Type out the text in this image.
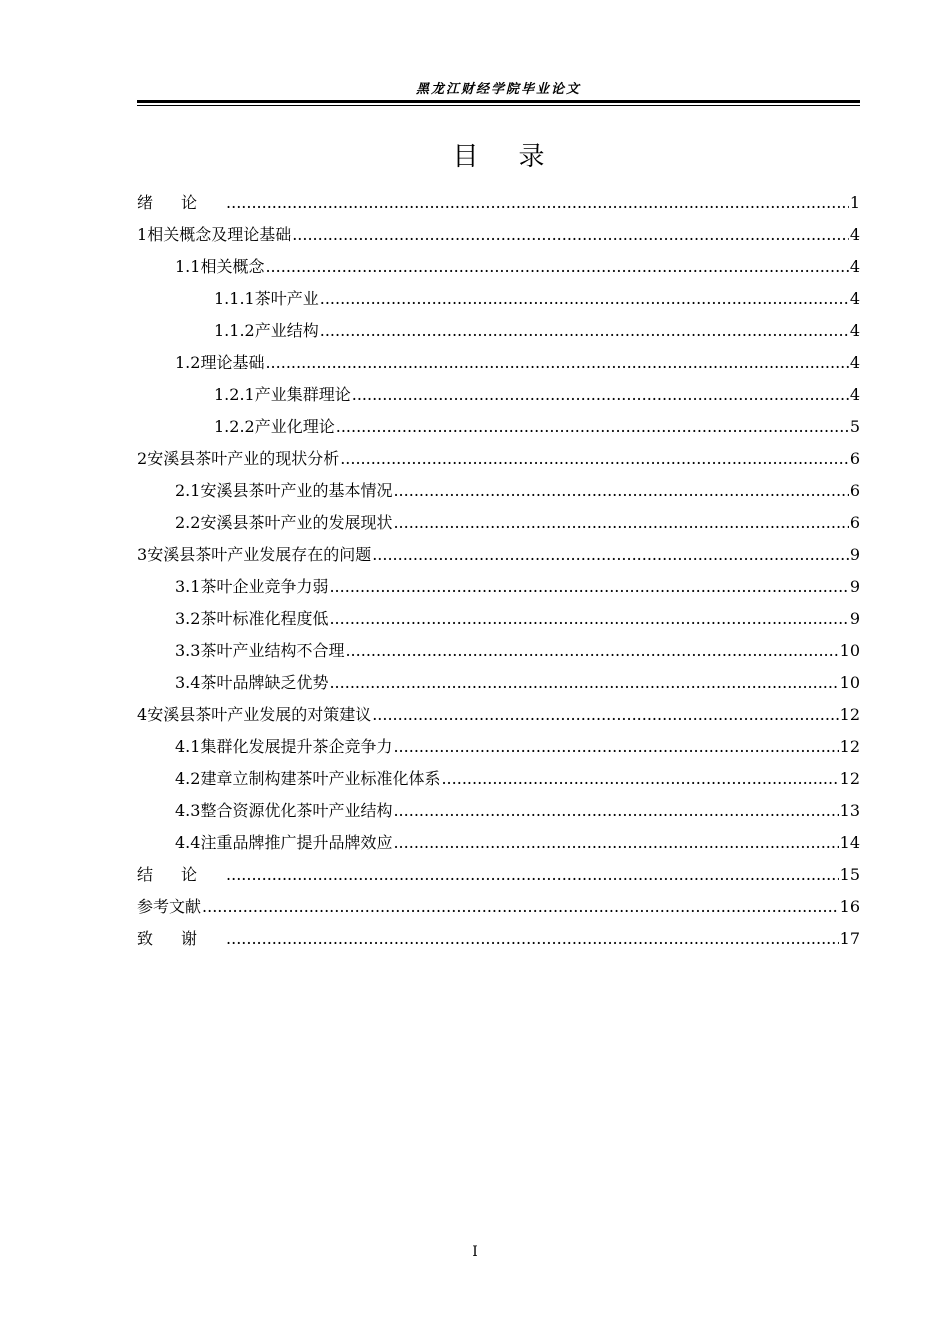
黑龙江财经学院毕业论文
目录
绪论 .....	1
1 相关概念及理论基础 .....	4
1.1 相关概念 .....	4
1.1.1 茶叶产业 .....	4
1.1.2 产业结构 .....	4
1.2 理论基础 .....	4
1.2.1 产业集群理论 .....	4
1.2.2 产业化理论 .....	5
2 安溪县茶叶产业的现状分析 .....	6
2.1 安溪县茶叶产业的基本情况 .....	6
2.2 安溪县茶叶产业的发展现状 .....	6
3 安溪县茶叶产业发展存在的问题 .....	9
3.1 茶叶企业竞争力弱 .....	9
3.2 茶叶标准化程度低 .....	9
3.3 茶叶产业结构不合理 .....	10
3.4 茶叶品牌缺乏优势 .....	10
4 安溪县茶叶产业发展的对策建议 .....	12
4.1 集群化发展提升茶企竞争力 .....	12
4.2 建章立制构建茶叶产业标准化体系 .....	12
4.3 整合资源优化茶叶产业结构 .....	13
4.4 注重品牌推广提升品牌效应 .....	14
结论 .....	15
参考文献 .....	16
致谢 .....	17
I
